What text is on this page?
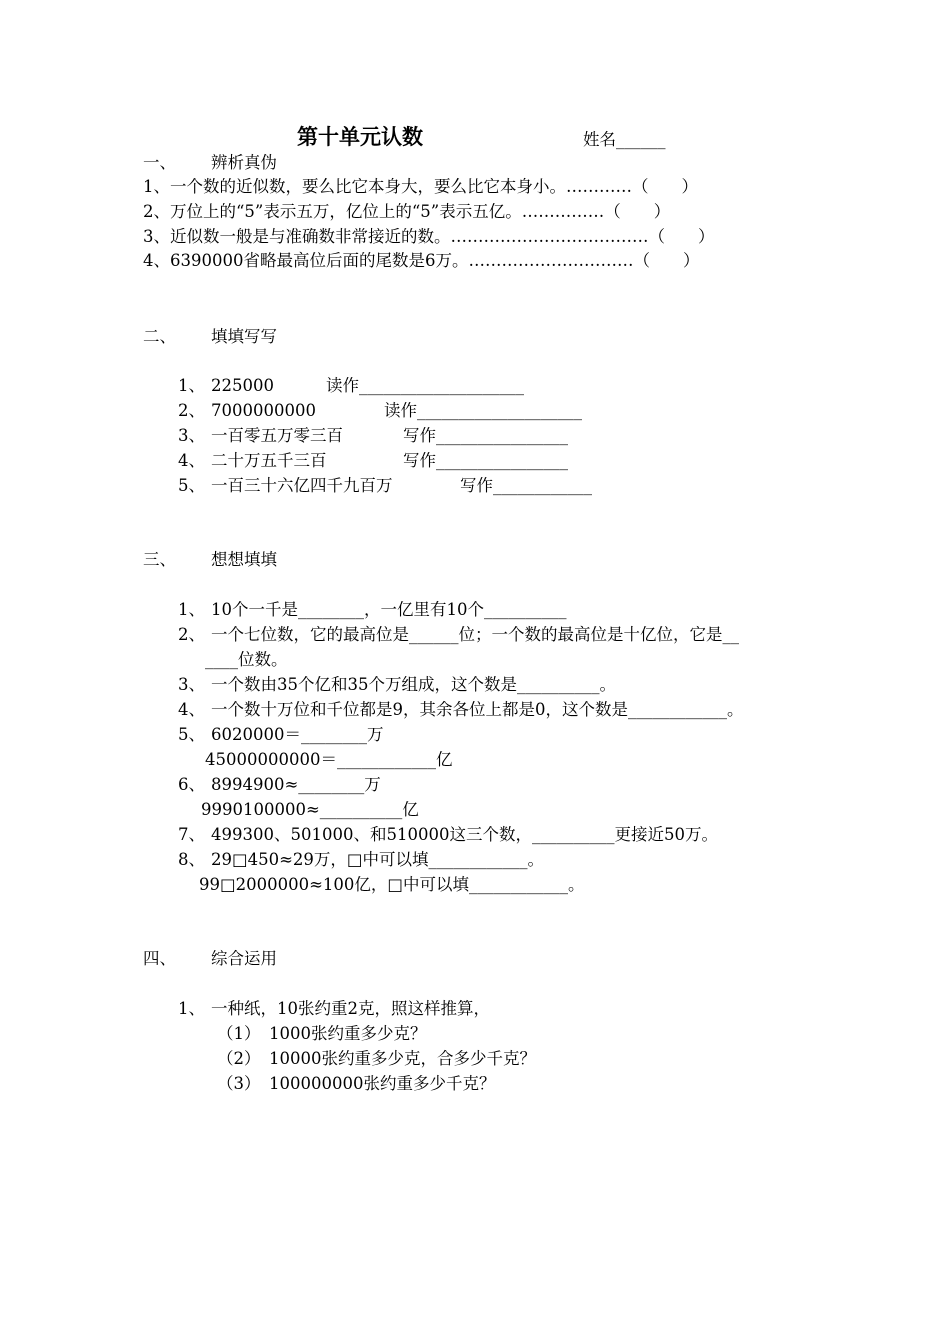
第十单元认数	姓名______
一、 辨析真伪
1、一个数的近似数，要么比它本身大，要么比它本身小。…………（　　）
2、万位上的“5”表示五万，亿位上的“5”表示五亿。……………（　　）
3、近似数一般是与准确数非常接近的数。………………………………（　　）
4、6390000省略最高位后面的尾数是6万。…………………………（　　）
二、 填填写写
1、 225000	读作____________________
2、 7000000000	读作____________________
3、 一百零五万零三百	写作________________
4、 二十万五千三百	写作________________
5、 一百三十六亿四千九百万	写作____________
三、 想想填填
1、 10个一千是________，一亿里有10个__________
2、 一个七位数，它的最高位是______位；一个数的最高位是十亿位，它是__
____位数。
3、 一个数由35个亿和35个万组成，这个数是__________。
4、 一个数十万位和千位都是9，其余各位上都是0，这个数是____________。
5、 6020000＝________万
45000000000＝____________亿
6、 8994900≈________万
9990100000≈__________亿
7、 499300、501000、和510000这三个数，__________更接近50万。
8、 29□450≈29万，□中可以填____________。
99□2000000≈100亿，□中可以填____________。
四、 综合运用
1、 一种纸，10张约重2克，照这样推算，
（1） 1000张约重多少克？
（2） 10000张约重多少克，合多少千克？
（3） 100000000张约重多少千克？
